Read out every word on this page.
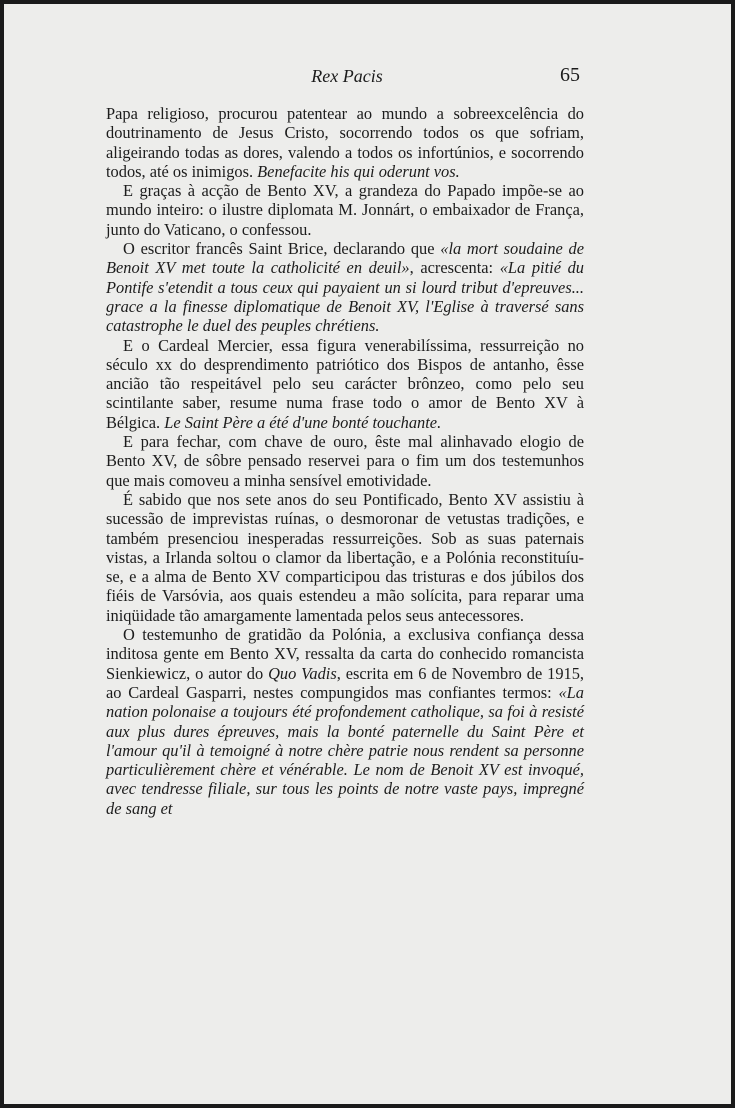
Rex Pacis	65

Papa religioso, procurou patentear ao mundo a sobreexcelência do doutrinamento de Jesus Cristo, socorrendo todos os que sofriam, aligeirando todas as dores, valendo a todos os infortúnios, e socorrendo todos, até os inimigos. Benefacite his qui oderunt vos.

E graças à acção de Bento XV, a grandeza do Papado impõe-se ao mundo inteiro: o ilustre diplomata M. Jonnárt, o embaixador de França, junto do Vaticano, o confessou.

O escritor francês Saint Brice, declarando que «la mort soudaine de Benoit XV met toute la catholicité en deuil», acrescenta: «La pitié du Pontife s'etendit a tous ceux qui payaient un si lourd tribut d'epreuves... grace a la finesse diplomatique de Benoit XV, l'Eglise à traversé sans catastrophe le duel des peuples chrétiens.

E o Cardeal Mercier, essa figura venerabilíssima, ressurreição no século xx do desprendimento patriótico dos Bispos de antanho, êsse ancião tão respeitável pelo seu carácter brônzeo, como pelo seu scintilante saber, resume numa frase todo o amor de Bento XV à Bélgica. Le Saint Père a été d'une bonté touchante.

E para fechar, com chave de ouro, êste mal alinhavado elogio de Bento XV, de sôbre pensado reservei para o fim um dos testemunhos que mais comoveu a minha sensível emotividade.

É sabido que nos sete anos do seu Pontificado, Bento XV assistiu à sucessão de imprevistas ruínas, o desmoronar de vetustas tradições, e também presenciou inesperadas ressurreições. Sob as suas paternais vistas, a Irlanda soltou o clamor da libertação, e a Polónia reconstituíu-se, e a alma de Bento XV comparticipou das tristuras e dos júbilos dos fiéis de Varsóvia, aos quais estendeu a mão solícita, para reparar uma iniqüidade tão amargamente lamentada pelos seus antecessores.

O testemunho de gratidão da Polónia, a exclusiva confiança dessa inditosa gente em Bento XV, ressalta da carta do conhecido romancista Sienkiewicz, o autor do Quo Vadis, escrita em 6 de Novembro de 1915, ao Cardeal Gasparri, nestes compungidos mas confiantes termos: «La nation polonaise a toujours été profondement catholique, sa foi à resisté aux plus dures épreuves, mais la bonté paternelle du Saint Père et l'amour qu'il à temoigné à notre chère patrie nous rendent sa personne particulièrement chère et vénérable. Le nom de Benoit XV est invoqué, avec tendresse filiale, sur tous les points de notre vaste pays, impregné de sang et
